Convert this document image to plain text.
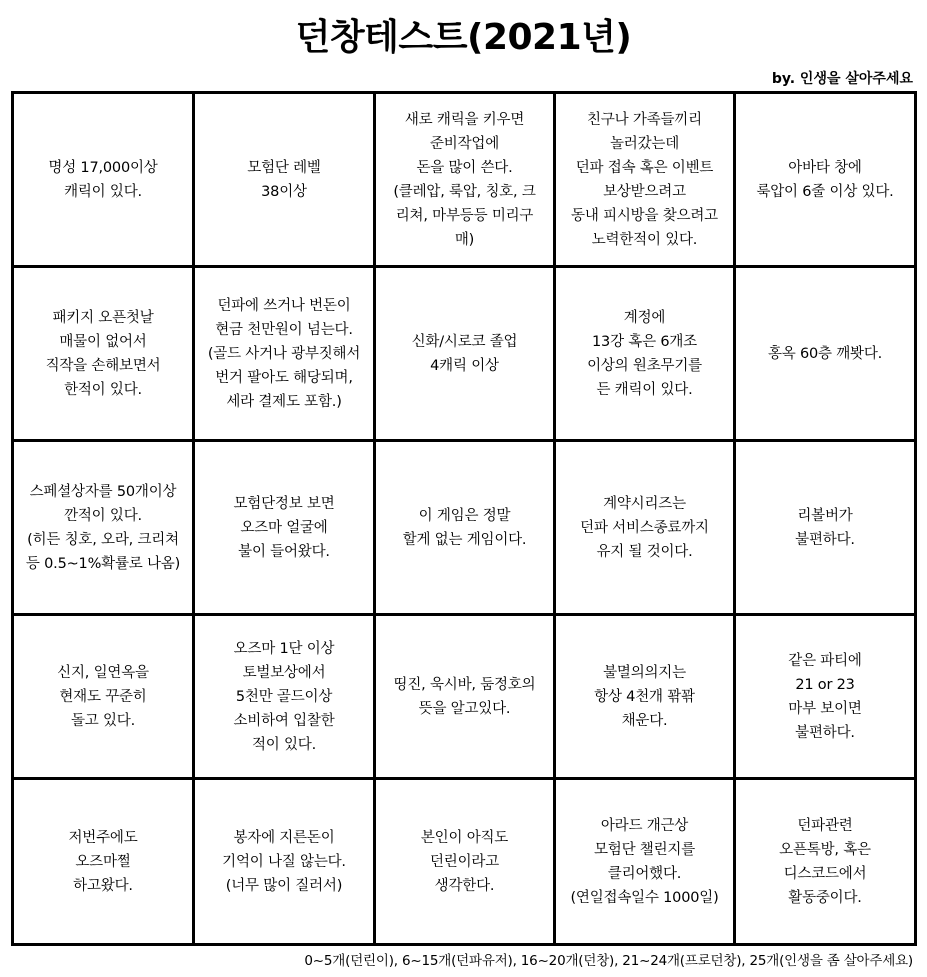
던창테스트(2021년)
by. 인생을 살아주세요
명성 17,000이상
캐릭이 있다.
모험단 레벨
38이상
새로 캐릭을 키우면
준비작업에
돈을 많이 쓴다.
(클레압, 룩압, 칭호, 크
리쳐, 마부등등 미리구
매)
친구나 가족들끼리
놀러갔는데
던파 접속 혹은 이벤트
보상받으려고
동내 피시방을 찾으려고
노력한적이 있다.
아바타 창에
룩압이 6줄 이상 있다.
패키지 오픈첫날
매물이 없어서
직작을 손해보면서
한적이 있다.
던파에 쓰거나 번돈이
현금 천만원이 넘는다.
(골드 사거나 광부짓해서
번거 팔아도 해당되며,
세라 결제도 포함.)
신화/시로코 졸업
4캐릭 이상
계정에
13강 혹은 6개조
이상의 원초무기를
든 캐릭이 있다.
홍옥 60층 깨봣다.
스페셜상자를 50개이상
깐적이 있다.
(히든 칭호, 오라, 크리쳐
등 0.5~1%확률로 나옴)
모험단정보 보면
오즈마 얼굴에
불이 들어왔다.
이 게임은 정말
할게 없는 게임이다.
계약시리즈는
던파 서비스종료까지
유지 될 것이다.
리볼버가
불편하다.
신지, 일연옥을
현재도 꾸준히
돌고 있다.
오즈마 1단 이상
토벌보상에서
5천만 골드이상
소비하여 입찰한
적이 있다.
띵진, 욱시바, 둠정호의
뜻을 알고있다.
불멸의의지는
항상 4천개 꽊꽊
채운다.
같은 파티에
21 or 23
마부 보이면
불편하다.
저번주에도
오즈마쩔
하고왔다.
봉자에 지른돈이
기억이 나질 않는다.
(너무 많이 질러서)
본인이 아직도
던린이라고
생각한다.
아라드 개근상
모험단 챌린지를
클리어했다.
(연일접속일수 1000일)
던파관련
오픈톡방, 혹은
디스코드에서
활동중이다.
0~5개(던린이), 6~15개(던파유저), 16~20개(던창), 21~24개(프로던창), 25개(인생을 좀 살아주세요)
